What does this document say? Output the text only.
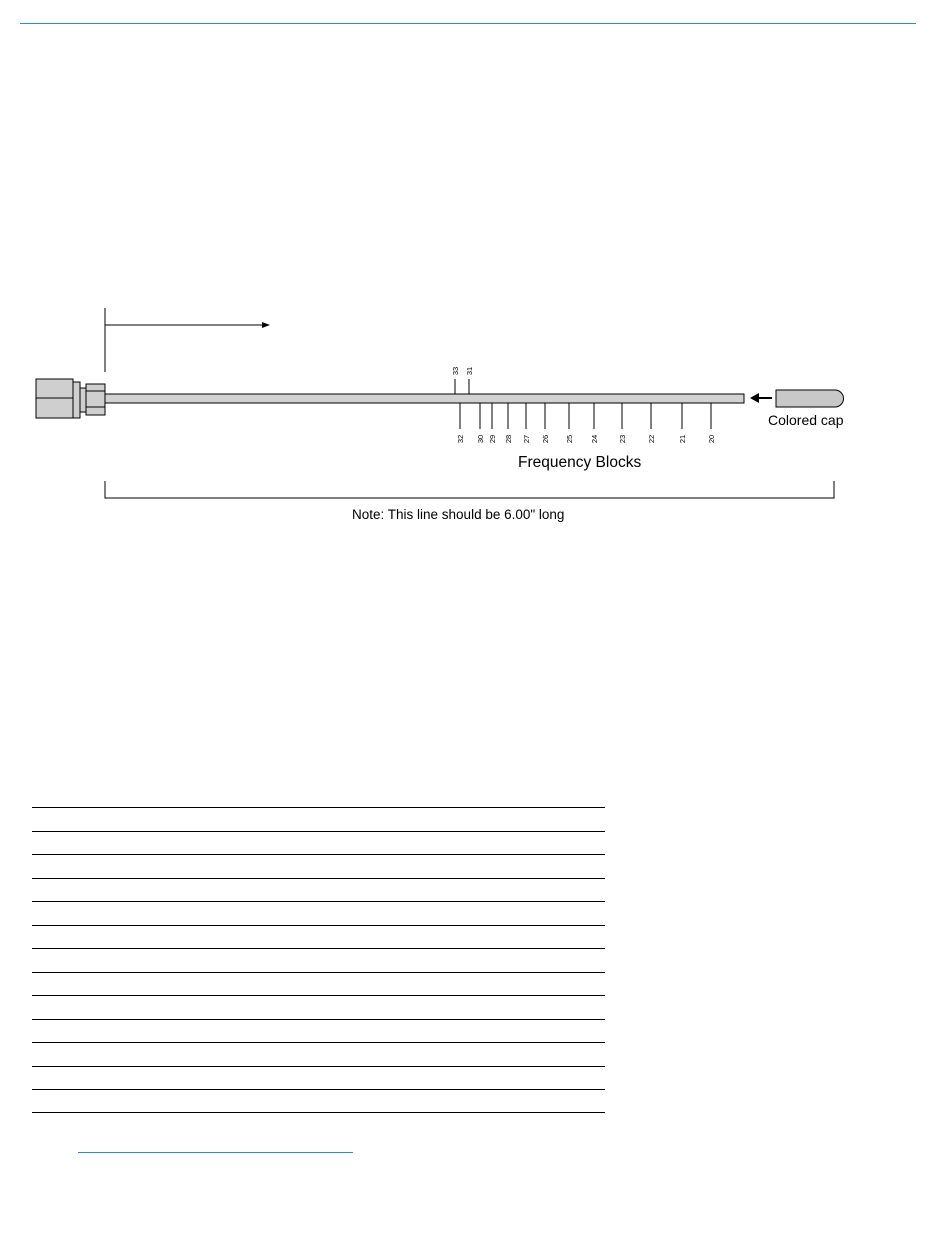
33 31
32 30 29 28 27 26 25 24	23	22	21	20
Colored cap
Frequency Blocks
Note: This line should be 6.00" long
